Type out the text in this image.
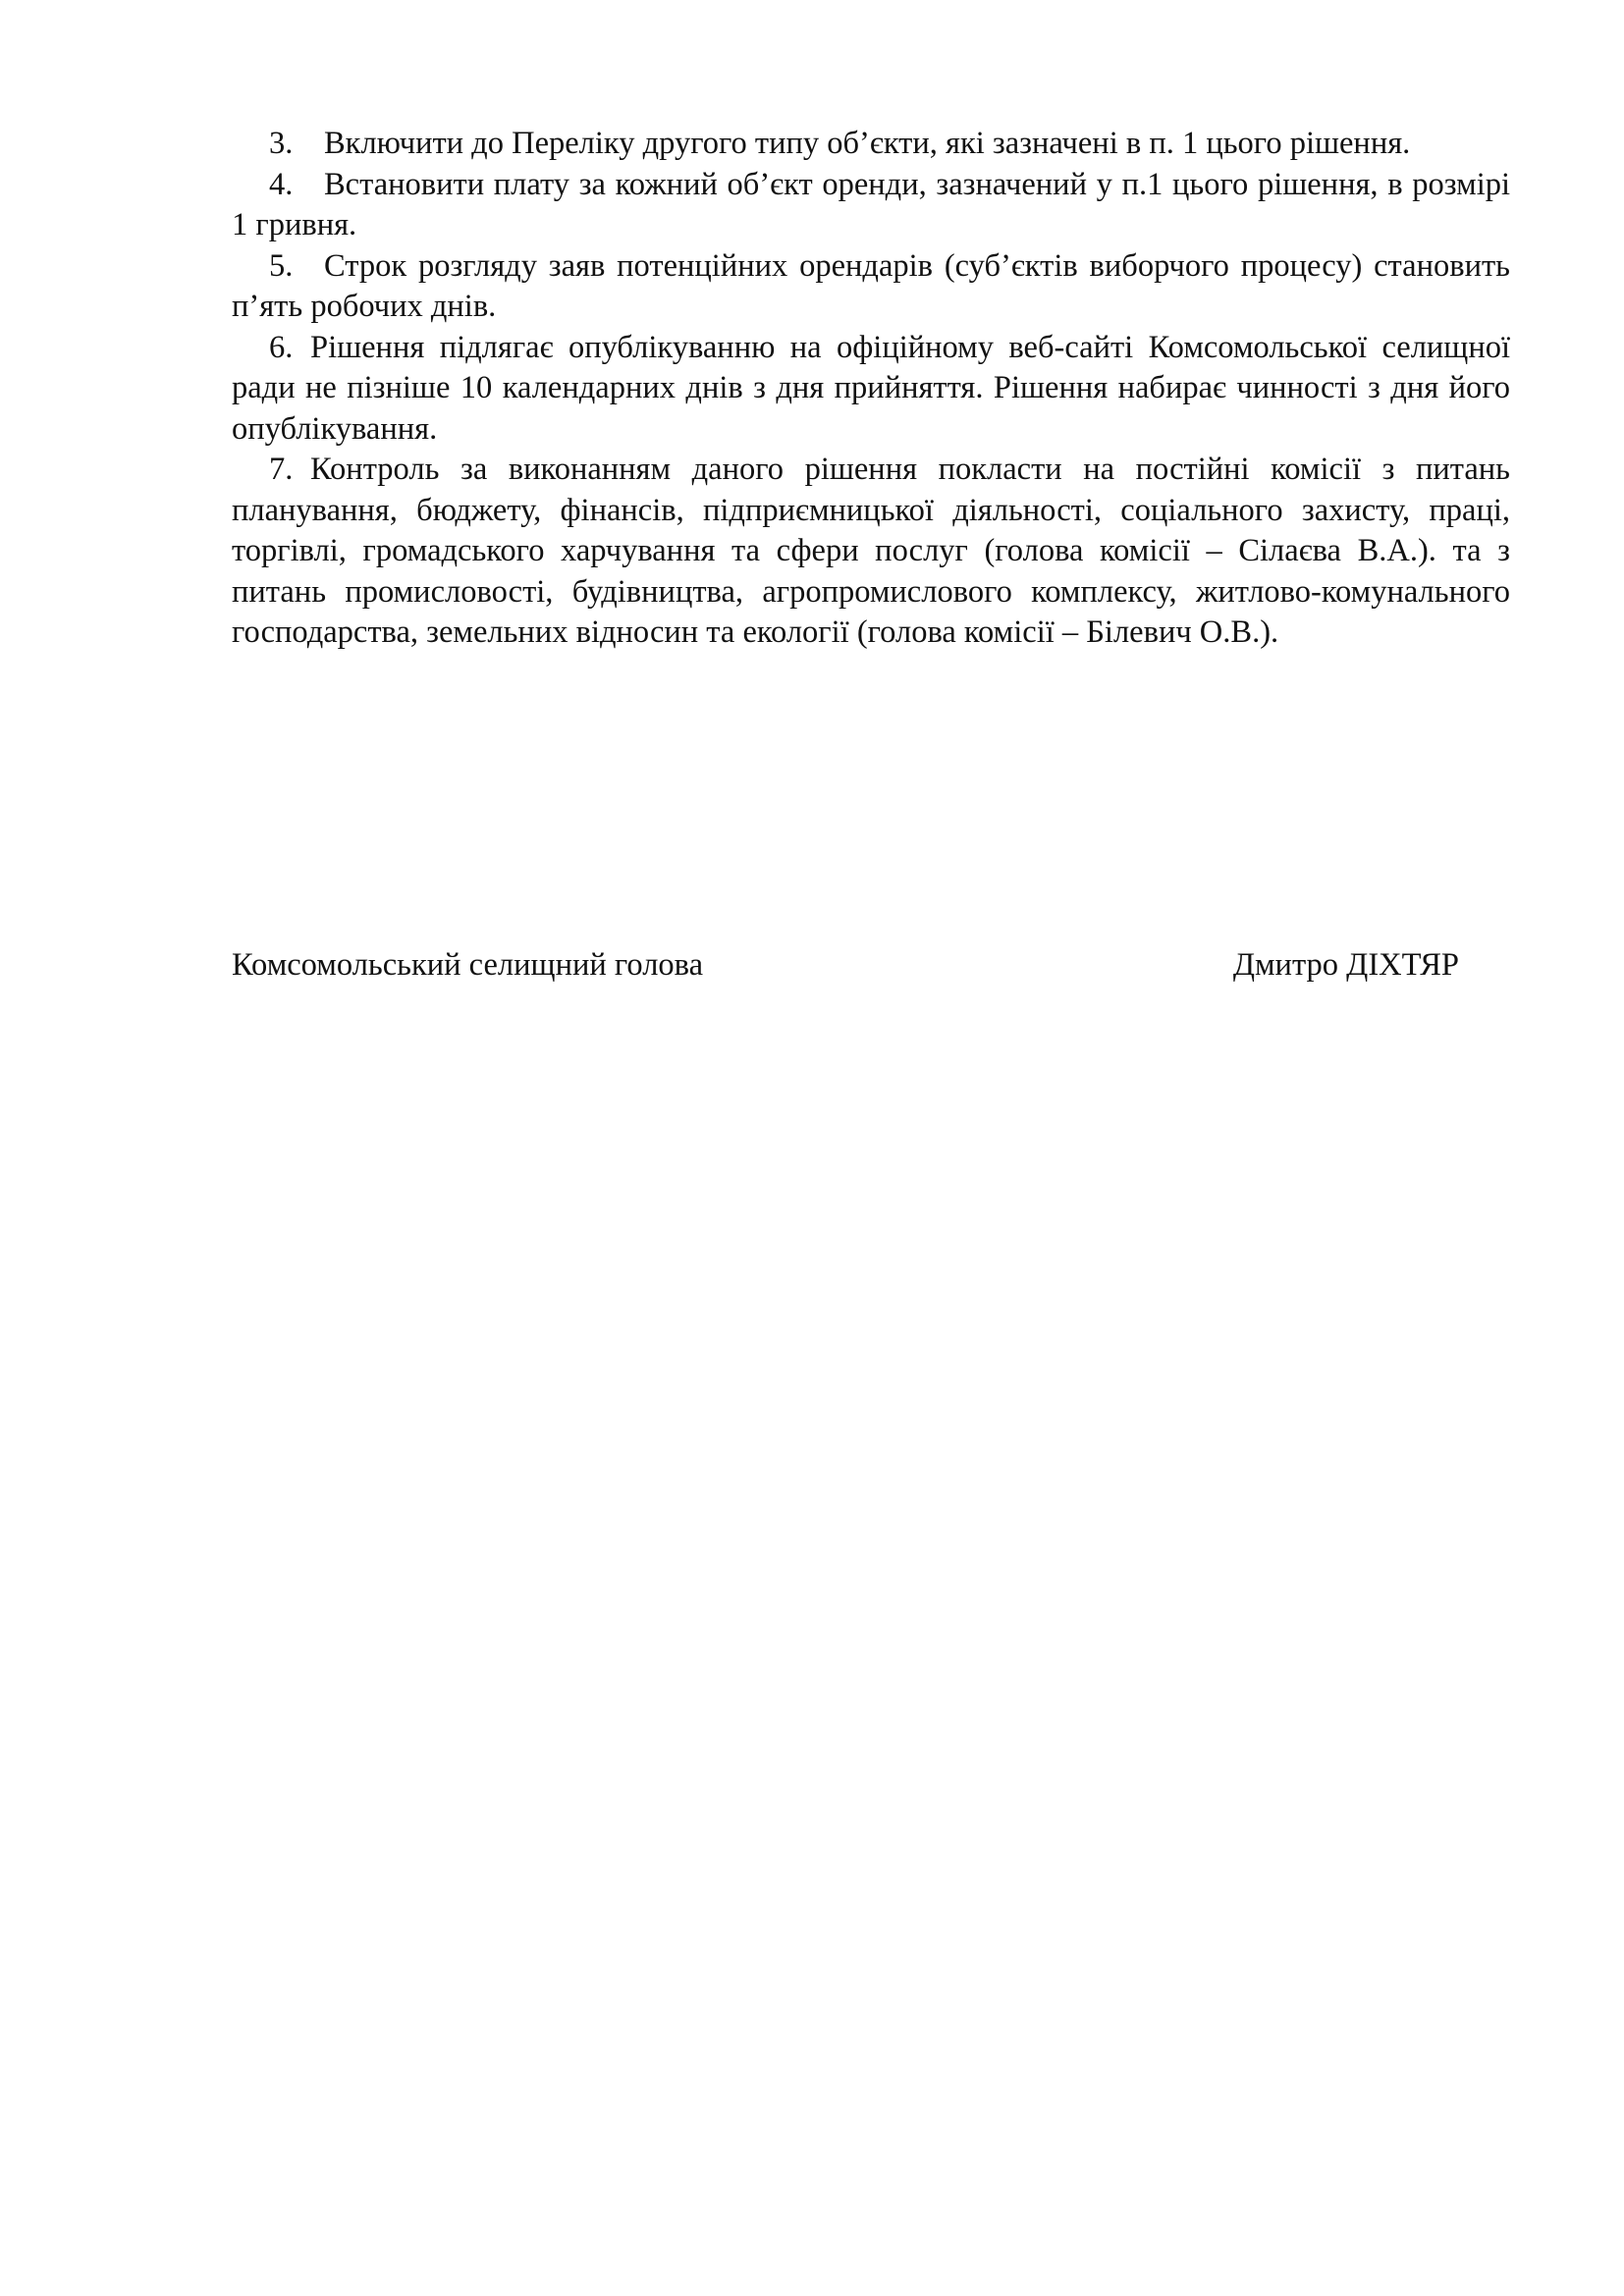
3. Включити до Переліку другого типу об’єкти, які зазначені в п. 1 цього рішення.

4. Встановити плату за кожний об’єкт оренди, зазначений у п.1 цього рішення, в розмірі 1 гривня.

5. Строк розгляду заяв потенційних орендарів (суб’єктів виборчого процесу) становить п’ять робочих днів.

6. Рішення підлягає опублікуванню на офіційному веб-сайті Комсомольської селищної ради не пізніше 10 календарних днів з дня прийняття. Рішення набирає чинності з дня його опублікування.

7. Контроль за виконанням даного рішення покласти на постійні комісії з питань планування, бюджету, фінансів, підприємницької діяльності, соціального захисту, праці, торгівлі, громадського харчування та сфери послуг (голова комісії – Сілаєва В.А.). та з питань промисловості, будівництва, агропромислового комплексу, житлово-комунального господарства, земельних відносин та екології (голова комісії – Білевич О.В.).

Комсомольський селищний голова	Дмитро ДІХТЯР
